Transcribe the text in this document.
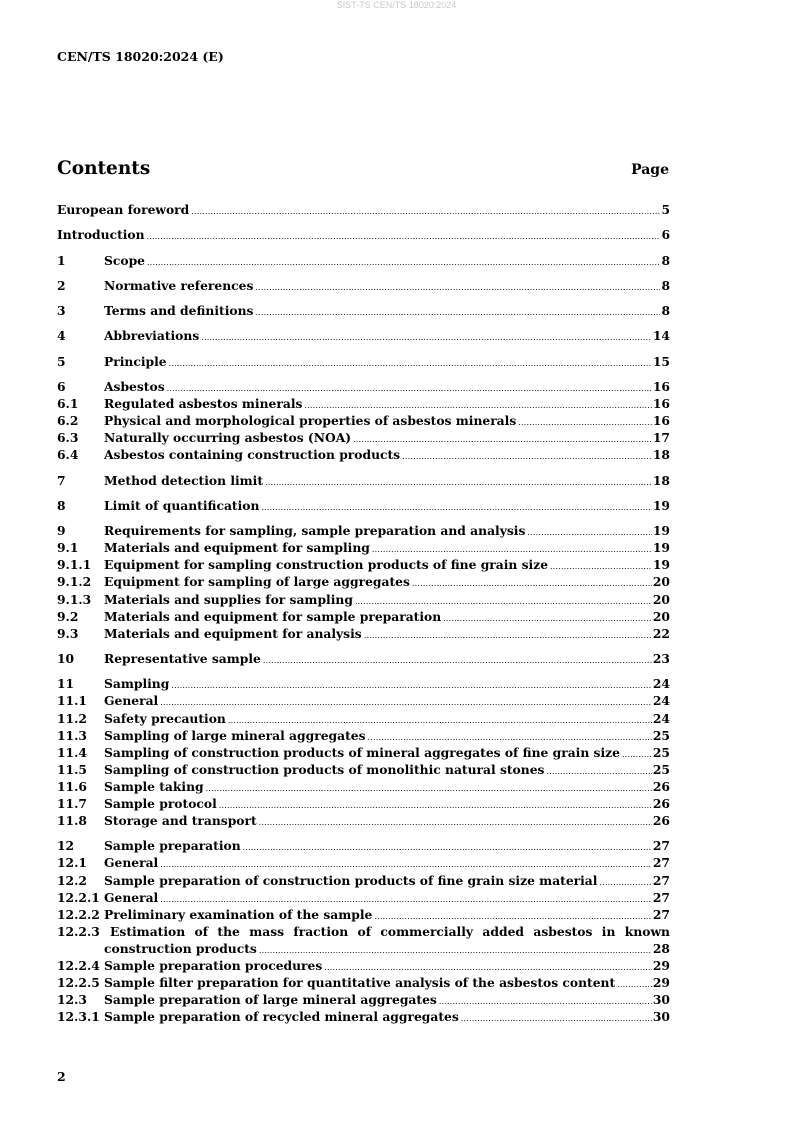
SIST-TS CEN/TS 18020:2024
CEN/TS 18020:2024 (E)
Contents	Page
European foreword .....	5
Introduction .....	6
1	Scope .....	8
2	Normative references .....	8
3	Terms and definitions .....	8
4	Abbreviations .....	14
5	Principle .....	15
6	Asbestos .....	16
6.1	Regulated asbestos minerals .....	16
6.2	Physical and morphological properties of asbestos minerals .....	16
6.3	Naturally occurring asbestos (NOA) .....	17
6.4	Asbestos containing construction products .....	18
7	Method detection limit .....	18
8	Limit of quantification .....	19
9	Requirements for sampling, sample preparation and analysis .....	19
9.1	Materials and equipment for sampling .....	19
9.1.1	Equipment for sampling construction products of fine grain size .....	19
9.1.2	Equipment for sampling of large aggregates .....	20
9.1.3	Materials and supplies for sampling .....	20
9.2	Materials and equipment for sample preparation .....	20
9.3	Materials and equipment for analysis .....	22
10	Representative sample .....	23
11	Sampling .....	24
11.1	General .....	24
11.2	Safety precaution .....	24
11.3	Sampling of large mineral aggregates .....	25
11.4	Sampling of construction products of mineral aggregates of fine grain size .....	25
11.5	Sampling of construction products of monolithic natural stones .....	25
11.6	Sample taking .....	26
11.7	Sample protocol .....	26
11.8	Storage and transport .....	26
12	Sample preparation .....	27
12.1	General .....	27
12.2	Sample preparation of construction products of fine grain size material .....	27
12.2.1 General .....	27
12.2.2 Preliminary examination of the sample .....	27
12.2.3 Estimation of the mass fraction of commercially added asbestos in known
construction products .....	28
12.2.4 Sample preparation procedures .....	29
12.2.5 Sample filter preparation for quantitative analysis of the asbestos content .....	29
12.3	Sample preparation of large mineral aggregates .....	30
12.3.1 Sample preparation of recycled mineral aggregates .....	30
2
